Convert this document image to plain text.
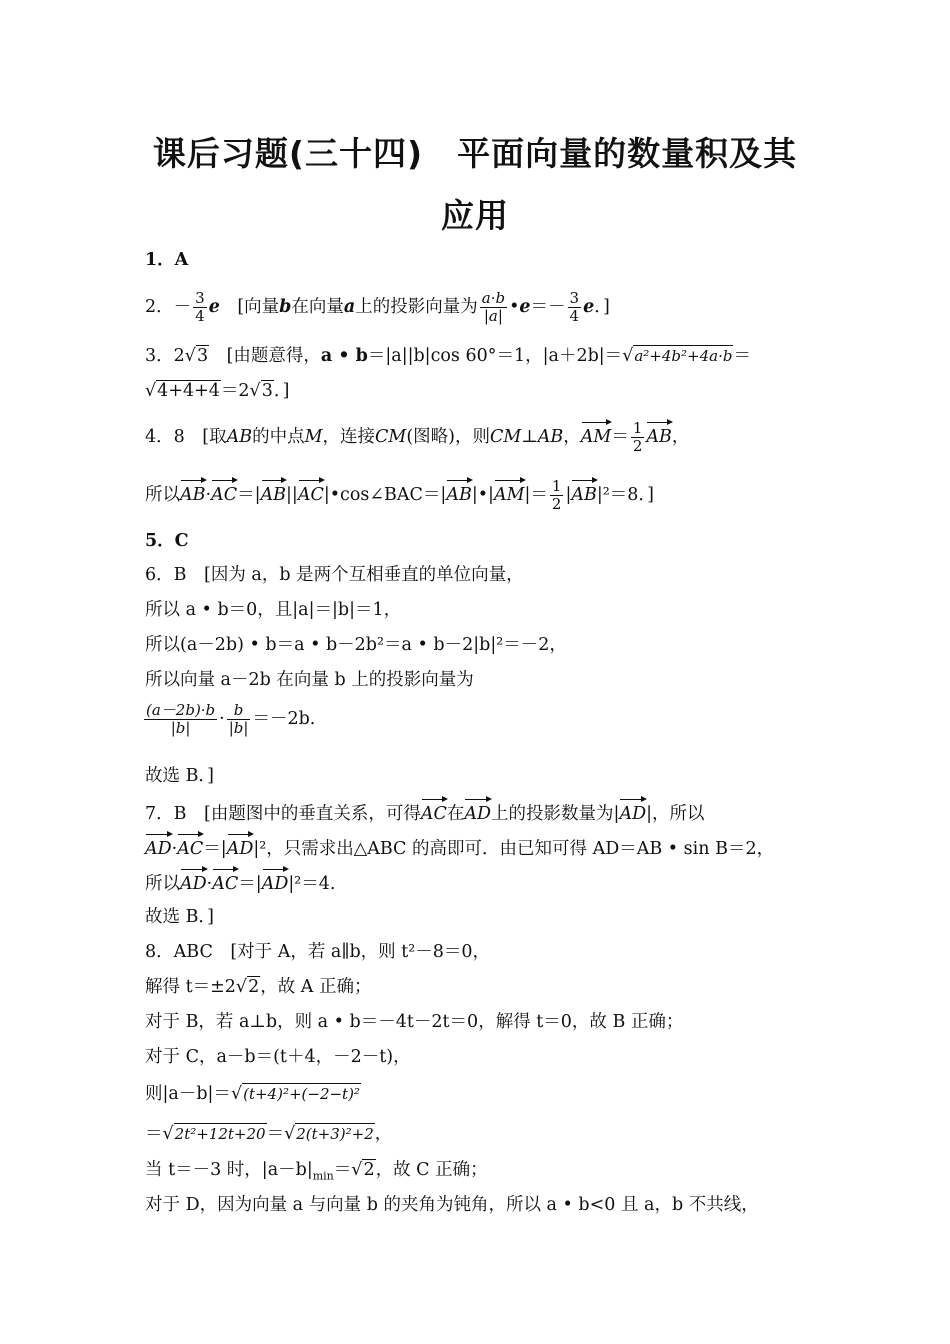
课后习题(三十四)　平面向量的数量积及其
应用
1．A
2．－ $\frac{3}{4}$ e　[向量b在向量a上的投影向量为 $\frac{a\cdot b}{|a|}$ •e＝－ $\frac{3}{4}$ e．]
3．2√3　[由题意得，a • b＝|a||b|cos 60°＝1，|a＋2b|＝√a²+4b²+4a·b＝
√4+4+4＝2√3．]
4．8　[取AB的中点M，连接CM(图略)，则CM⊥AB，$AM= \frac{1}{2}$ AB，
所以AB·AC＝|AB||AC|•cos∠BAC＝|AB|•|AM|＝ $\frac{1}{2} |AB|^2=8$．]
5．C
6．B　[因为 a，b 是两个互相垂直的单位向量，
所以 a • b＝0，且|a|＝|b|＝1，
所以(a－2b) • b＝a • b－2b²＝a • b－2|b|²＝－2，
所以向量 a－2b 在向量 b 上的投影向量为
$\frac{(a-2b)\cdot b}{|b|} \cdot \frac{b}{|b|} =-2b$.
故选 B．]
7．B　[由题图中的垂直关系，可得AC在AD上的投影数量为|AD|，所以
AD·AC＝|AD|²，只需求出△ABC 的高即可．由已知可得 AD＝AB • sin B＝2，
所以AD·AC＝|AD|²＝4.
故选 B．]
8．ABC　[对于 A，若 a∥b，则 t²－8＝0，
解得 t＝±2√2，故 A 正确；
对于 B，若 a⊥b，则 a • b＝－4t－2t＝0，解得 t＝0，故 B 正确；
对于 C，a－b＝(t＋4，－2－t)，
则|a－b|＝√(t+4)²+(−2−t)²
＝√2t²+12t+20＝√2(t+3)²+2，
当 t＝－3 时，$|a-b|_{min}=√2$，故 C 正确；
对于 D，因为向量 a 与向量 b 的夹角为钝角，所以 a • b<0 且 a，b 不共线，
